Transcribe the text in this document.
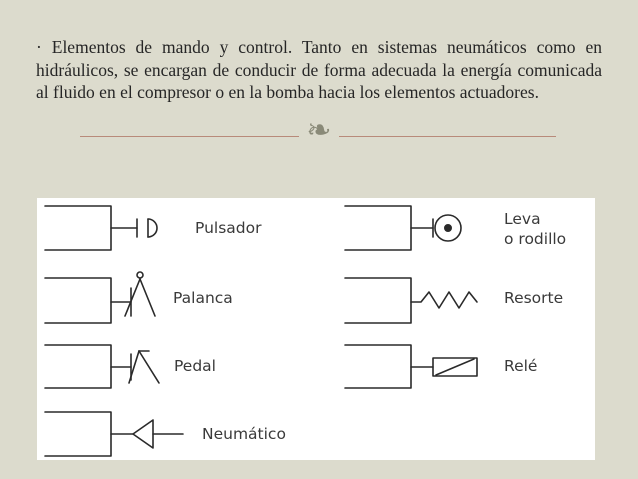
· Elementos de mando y control. Tanto en sistemas neumáticos como en hidráulicos, se encargan de conducir de forma adecuada la energía comunicada al fluido en el compresor o en la bomba hacia los elementos actuadores.

❧
Pulsador
Palanca
Pedal
Neumático
Leva
o rodillo
Resorte
Relé
